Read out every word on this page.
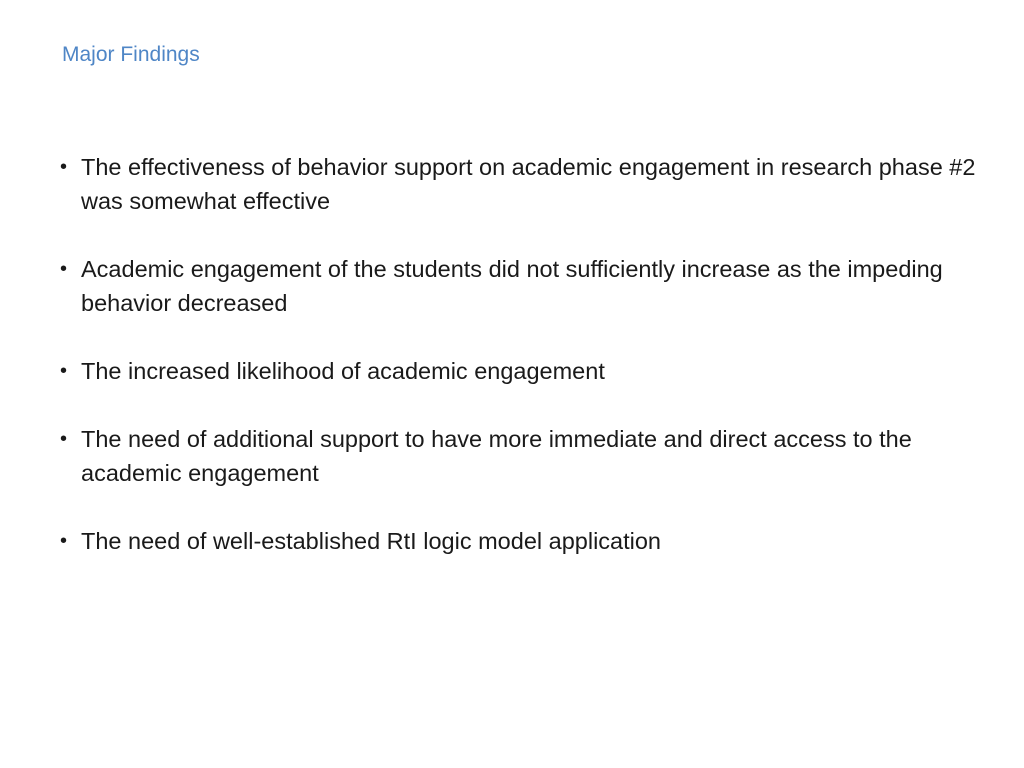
Major Findings
• The effectiveness of behavior support on academic engagement in research phase #2 was somewhat effective
• Academic engagement of the students did not sufficiently increase as the impeding behavior decreased
• The increased likelihood of academic engagement
• The need of additional support to have more immediate and direct access to the academic engagement
• The need of well-established RtI logic model application
